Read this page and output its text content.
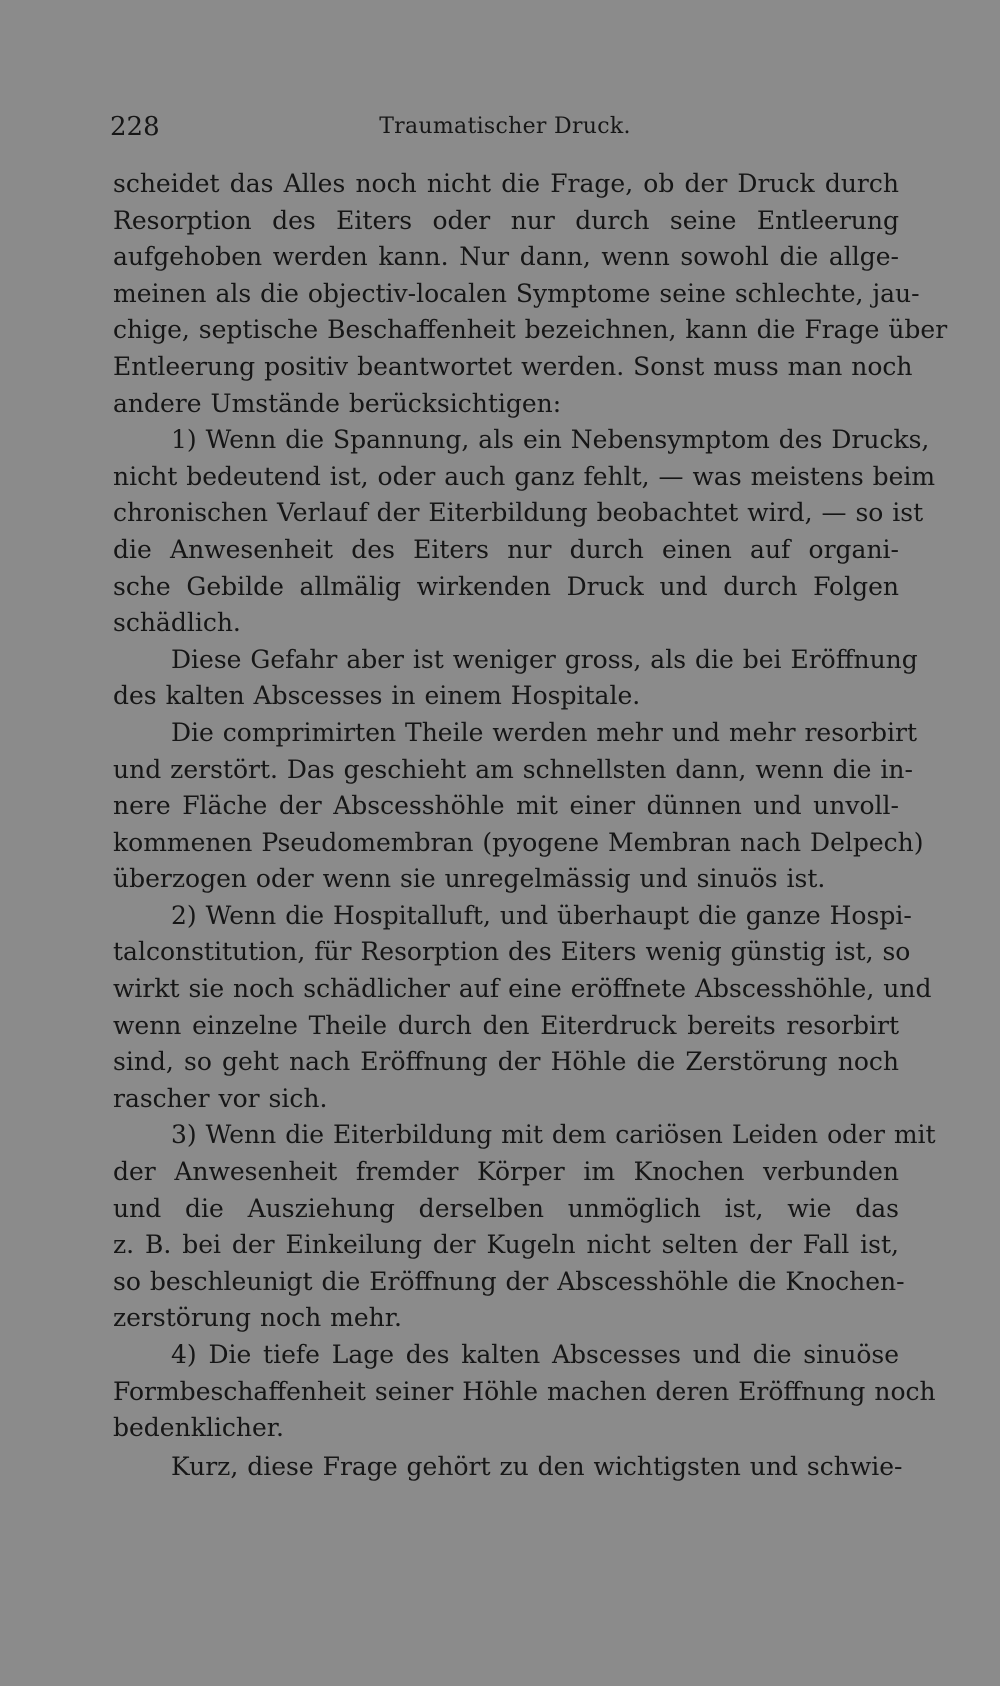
228	Traumatischer Druck.
scheidet das Alles noch nicht die Frage, ob der Druck durch
Resorption des Eiters oder nur durch seine Entleerung
aufgehoben werden kann. Nur dann, wenn sowohl die allge-
meinen als die objectiv-localen Symptome seine schlechte, jau-
chige, septische Beschaffenheit bezeichnen, kann die Frage über
Entleerung positiv beantwortet werden. Sonst muss man noch
andere Umstände berücksichtigen:
1) Wenn die Spannung, als ein Nebensymptom des Drucks,
nicht bedeutend ist, oder auch ganz fehlt, — was meistens beim
chronischen Verlauf der Eiterbildung beobachtet wird, — so ist
die Anwesenheit des Eiters nur durch einen auf organi-
sche Gebilde allmälig wirkenden Druck und durch Folgen
schädlich.
Diese Gefahr aber ist weniger gross, als die bei Eröffnung
des kalten Abscesses in einem Hospitale.
Die comprimirten Theile werden mehr und mehr resorbirt
und zerstört. Das geschieht am schnellsten dann, wenn die in-
nere Fläche der Abscesshöhle mit einer dünnen und unvoll-
kommenen Pseudomembran (pyogene Membran nach Delpech)
überzogen oder wenn sie unregelmässig und sinuös ist.
2) Wenn die Hospitalluft, und überhaupt die ganze Hospi-
talconstitution, für Resorption des Eiters wenig günstig ist, so
wirkt sie noch schädlicher auf eine eröffnete Abscesshöhle, und
wenn einzelne Theile durch den Eiterdruck bereits resorbirt
sind, so geht nach Eröffnung der Höhle die Zerstörung noch
rascher vor sich.
3) Wenn die Eiterbildung mit dem cariösen Leiden oder mit
der Anwesenheit fremder Körper im Knochen verbunden
und die Ausziehung derselben unmöglich ist, wie das
z. B. bei der Einkeilung der Kugeln nicht selten der Fall ist,
so beschleunigt die Eröffnung der Abscesshöhle die Knochen-
zerstörung noch mehr.
4) Die tiefe Lage des kalten Abscesses und die sinuöse
Formbeschaffenheit seiner Höhle machen deren Eröffnung noch
bedenklicher.
Kurz, diese Frage gehört zu den wichtigsten und schwie-
